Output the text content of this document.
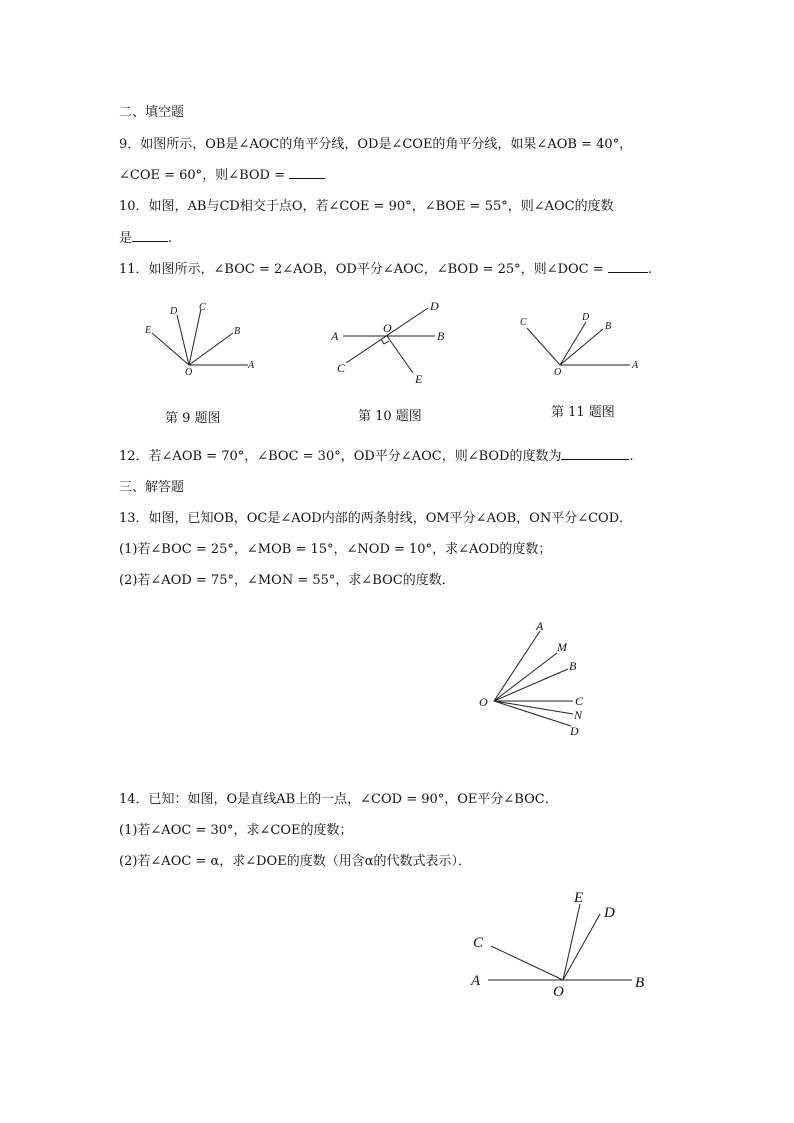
二、填空题
9．如图所示，OB是∠AOC的角平分线，OD是∠COE的角平分线，如果∠AOB = 40°，
∠COE = 60°，则∠BOD =
10．如图，AB与CD相交于点O，若∠COE = 90°，∠BOE = 55°，则∠AOC的度数
是	.
11．如图所示，∠BOC = 2∠AOB，OD平分∠AOC，∠BOD = 25°，则∠DOC =	.
E
D C
B
O
A
A
O
B
D
C
E
C	D
B
O
A
第 9 题图	第 10 题图	第 11 题图
12．若∠AOB = 70°，∠BOC = 30°，OD平分∠AOC，则∠BOD的度数为	.
三、解答题
13．如图，已知OB，OC是∠AOD内部的两条射线，OM平分∠AOB，ON平分∠COD．
(1)若∠BOC = 25°，∠MOB = 15°，∠NOD = 10°，求∠AOD的度数；
(2)若∠AOD = 75°，∠MON = 55°，求∠BOC的度数．
A
M
B
O	C
N
D
14．已知：如图，O是直线AB上的一点，∠COD = 90°，OE平分∠BOC．
(1)若∠AOC = 30°，求∠COE的度数；
(2)若∠AOC = α，求∠DOE的度数（用含α的代数式表示）．
E
D
C
A
O
B
